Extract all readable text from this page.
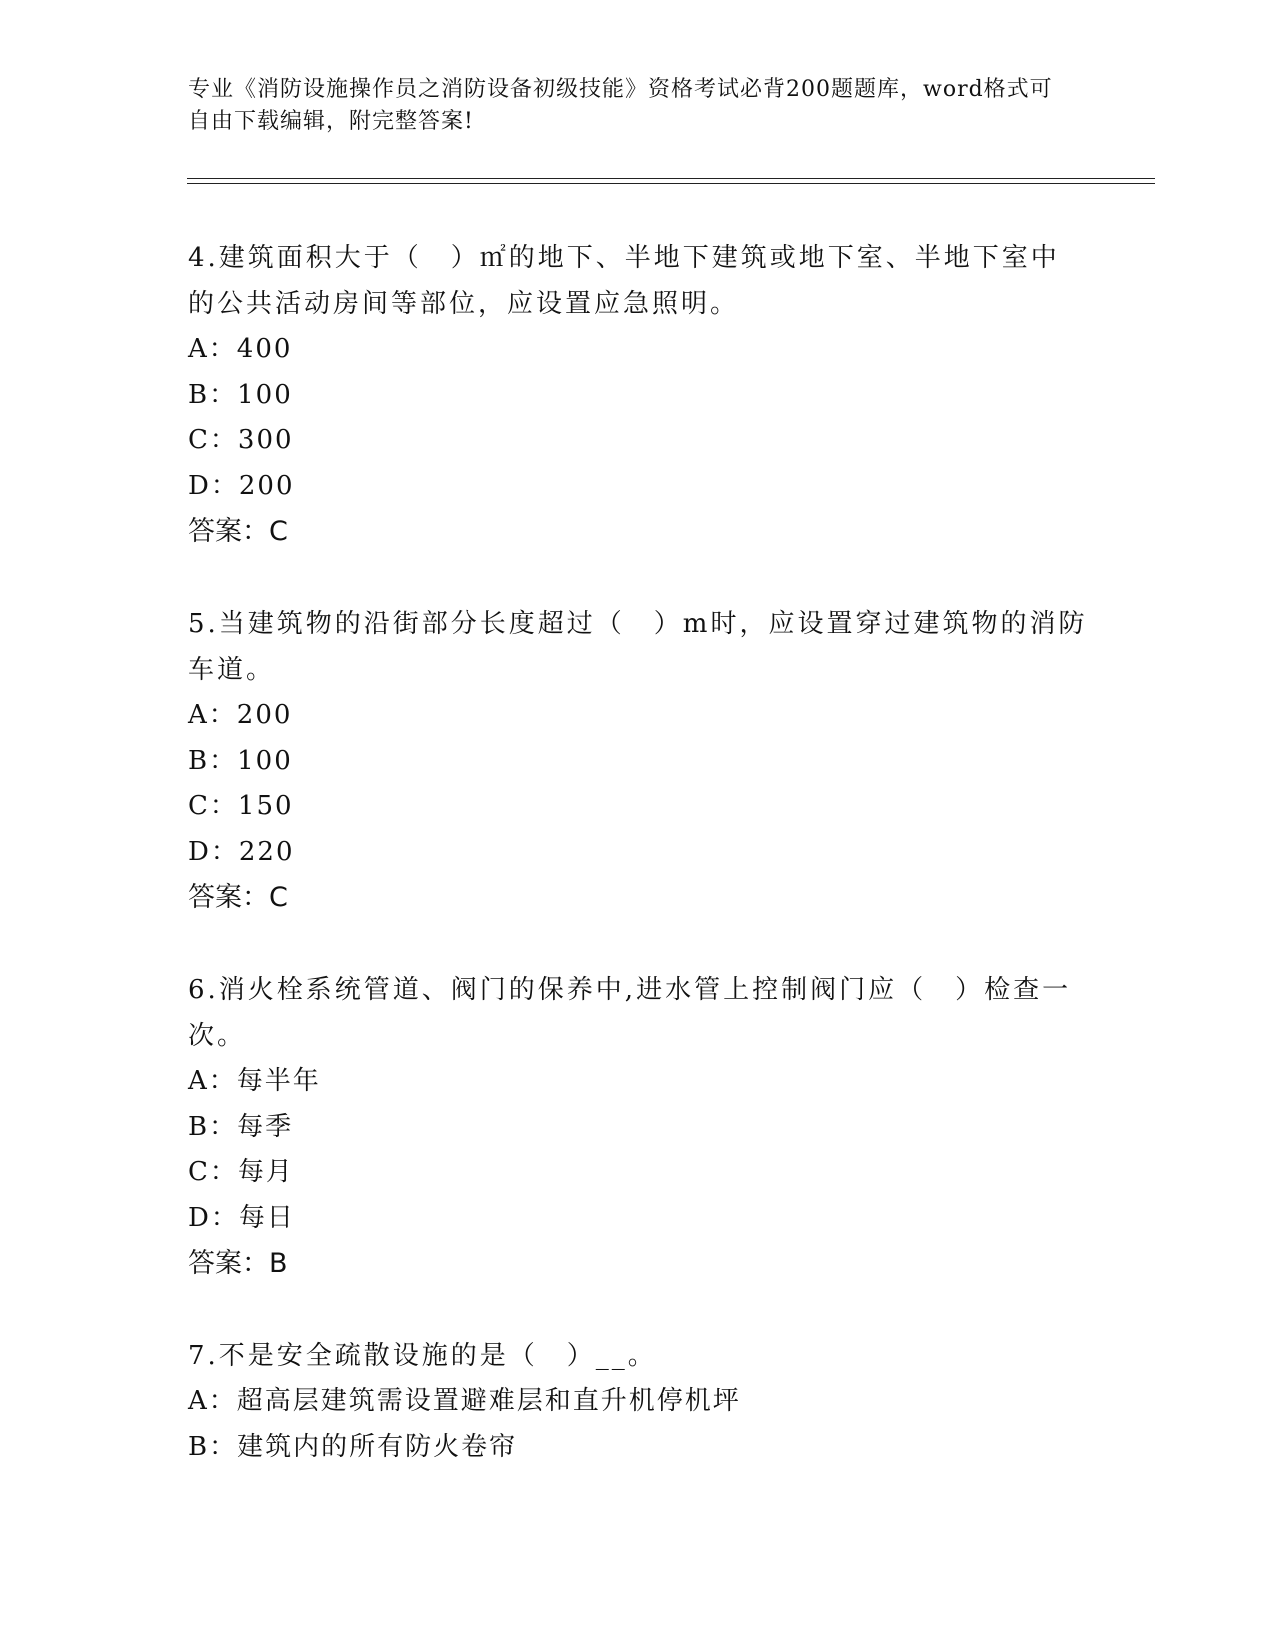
专业《消防设施操作员之消防设备初级技能》资格考试必背200题题库，word格式可自由下载编辑，附完整答案!

4.建筑面积大于（　）㎡的地下、半地下建筑或地下室、半地下室中的公共活动房间等部位，应设置应急照明。

A：400

B：100

C：300

D：200

答案：C

5.当建筑物的沿街部分长度超过（　）m时，应设置穿过建筑物的消防车道。

A：200

B：100

C：150

D：220

答案：C

6.消火栓系统管道、阀门的保养中,进水管上控制阀门应（　）检查一次。

A：每半年

B：每季

C：每月

D：每日

答案：B

7.不是安全疏散设施的是（　）__。

A：超高层建筑需设置避难层和直升机停机坪

B：建筑内的所有防火卷帘
